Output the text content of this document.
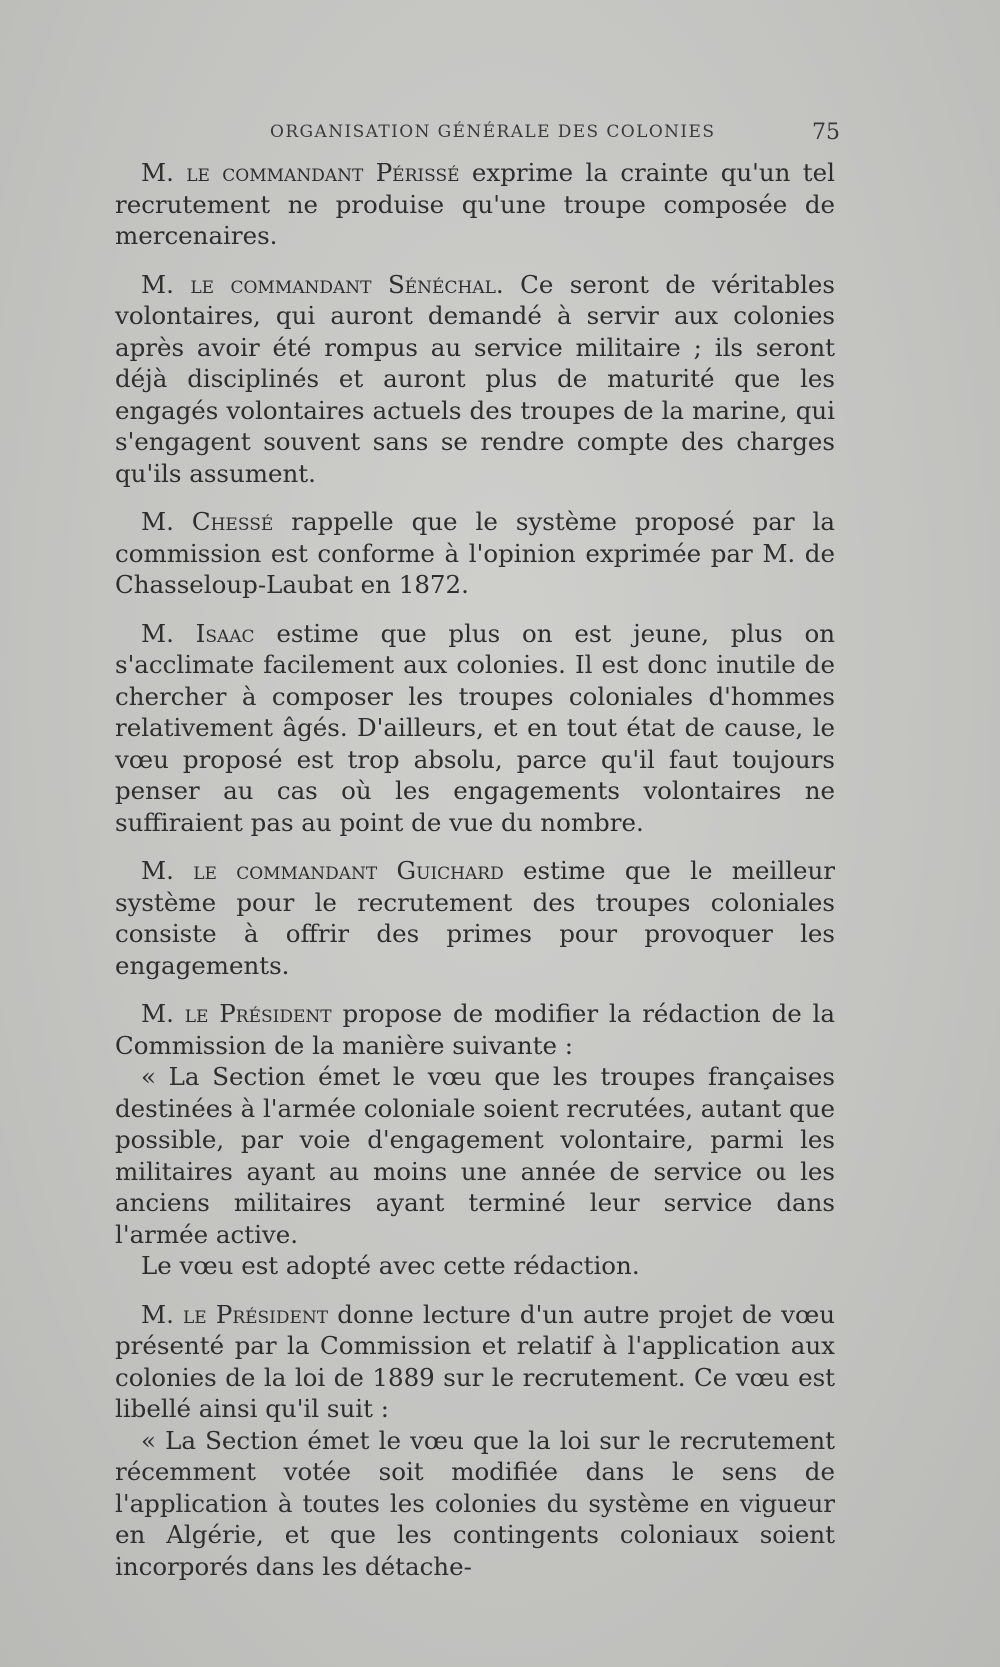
ORGANISATION GÉNÉRALE DES COLONIES	75

M. le commandant Périssé exprime la crainte qu'un tel recrutement ne produise qu'une troupe composée de mercenaires.

M. le commandant Sénéchal. Ce seront de véritables volontaires, qui auront demandé à servir aux colonies après avoir été rompus au service militaire ; ils seront déjà disciplinés et auront plus de maturité que les engagés volontaires actuels des troupes de la marine, qui s'engagent souvent sans se rendre compte des charges qu'ils assument.

M. Chessé rappelle que le système proposé par la commission est conforme à l'opinion exprimée par M. de Chasseloup-Laubat en 1872.

M. Isaac estime que plus on est jeune, plus on s'acclimate facilement aux colonies. Il est donc inutile de chercher à composer les troupes coloniales d'hommes relativement âgés. D'ailleurs, et en tout état de cause, le vœu proposé est trop absolu, parce qu'il faut toujours penser au cas où les engagements volontaires ne suffiraient pas au point de vue du nombre.

M. le commandant Guichard estime que le meilleur système pour le recrutement des troupes coloniales consiste à offrir des primes pour provoquer les engagements.

M. le Président propose de modifier la rédaction de la Commission de la manière suivante :

« La Section émet le vœu que les troupes françaises destinées à l'armée coloniale soient recrutées, autant que possible, par voie d'engagement volontaire, parmi les militaires ayant au moins une année de service ou les anciens militaires ayant terminé leur service dans l'armée active.

Le vœu est adopté avec cette rédaction.

M. le Président donne lecture d'un autre projet de vœu présenté par la Commission et relatif à l'application aux colonies de la loi de 1889 sur le recrutement. Ce vœu est libellé ainsi qu'il suit :

« La Section émet le vœu que la loi sur le recrutement récemment votée soit modifiée dans le sens de l'application à toutes les colonies du système en vigueur en Algérie, et que les contingents coloniaux soient incorporés dans les détache-
